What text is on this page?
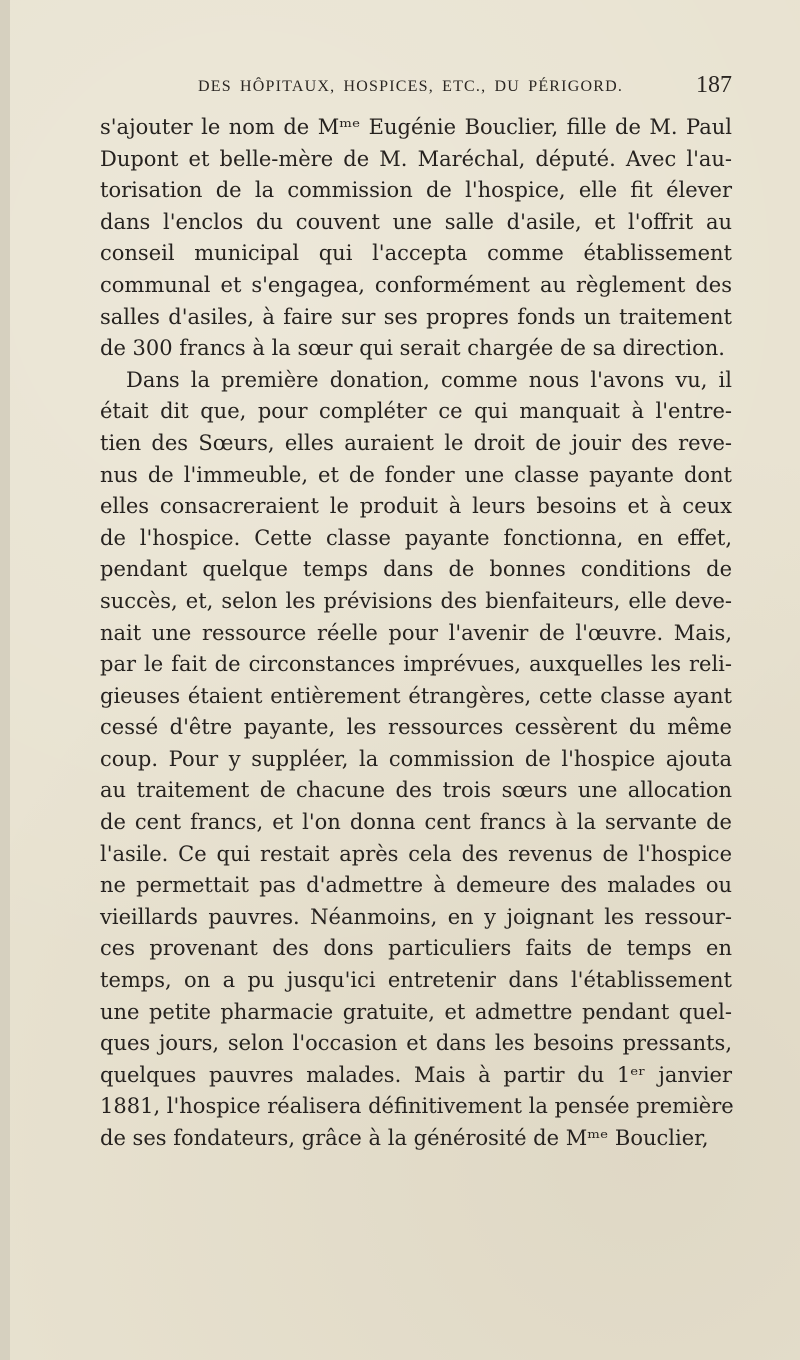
DES HÔPITAUX, HOSPICES, ETC., DU PÉRIGORD.	187
s'ajouter le nom de Mᵐᵉ Eugénie Bouclier, fille de M. Paul
Dupont et belle-mère de M. Maréchal, député. Avec l'au-
torisation de la commission de l'hospice, elle fit élever
dans l'enclos du couvent une salle d'asile, et l'offrit au
conseil municipal qui l'accepta comme établissement
communal et s'engagea, conformément au règlement des
salles d'asiles, à faire sur ses propres fonds un traitement
de 300 francs à la sœur qui serait chargée de sa direction.
Dans la première donation, comme nous l'avons vu, il
était dit que, pour compléter ce qui manquait à l'entre-
tien des Sœurs, elles auraient le droit de jouir des reve-
nus de l'immeuble, et de fonder une classe payante dont
elles consacreraient le produit à leurs besoins et à ceux
de l'hospice. Cette classe payante fonctionna, en effet,
pendant quelque temps dans de bonnes conditions de
succès, et, selon les prévisions des bienfaiteurs, elle deve-
nait une ressource réelle pour l'avenir de l'œuvre. Mais,
par le fait de circonstances imprévues, auxquelles les reli-
gieuses étaient entièrement étrangères, cette classe ayant
cessé d'être payante, les ressources cessèrent du même
coup. Pour y suppléer, la commission de l'hospice ajouta
au traitement de chacune des trois sœurs une allocation
de cent francs, et l'on donna cent francs à la servante de
l'asile. Ce qui restait après cela des revenus de l'hospice
ne permettait pas d'admettre à demeure des malades ou
vieillards pauvres. Néanmoins, en y joignant les ressour-
ces provenant des dons particuliers faits de temps en
temps, on a pu jusqu'ici entretenir dans l'établissement
une petite pharmacie gratuite, et admettre pendant quel-
ques jours, selon l'occasion et dans les besoins pressants,
quelques pauvres malades. Mais à partir du 1ᵉʳ janvier
1881, l'hospice réalisera définitivement la pensée première
de ses fondateurs, grâce à la générosité de Mᵐᵉ Bouclier,
